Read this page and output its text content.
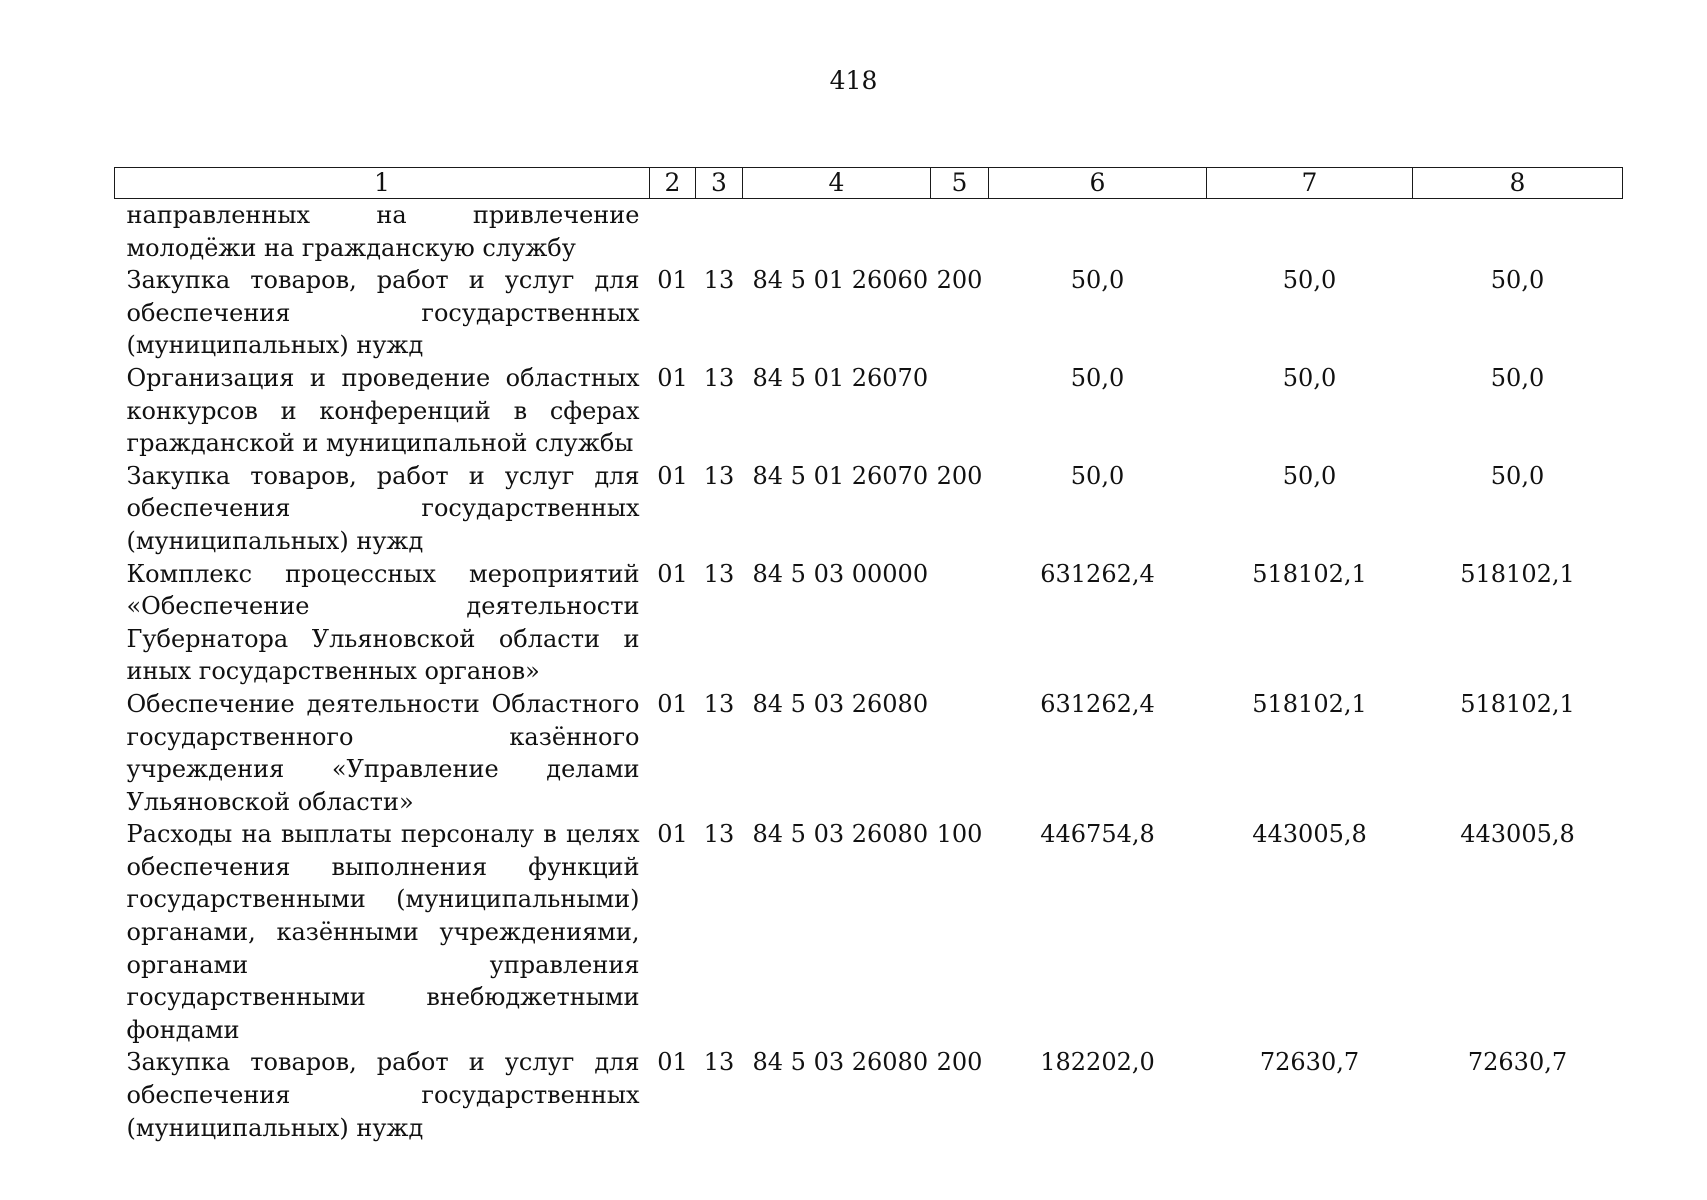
418
1	2	3	4	5	6	7	8
направленных на привлечение молодёжи на гражданскую службу							
Закупка товаров, работ и услуг для обеспечения государственных (муниципальных) нужд	01	13	84 5 01 26060	200	50,0	50,0	50,0
Организация и проведение областных конкурсов и конференций в сферах гражданской и муниципальной службы	01	13	84 5 01 26070		50,0	50,0	50,0
Закупка товаров, работ и услуг для обеспечения государственных (муниципальных) нужд	01	13	84 5 01 26070	200	50,0	50,0	50,0
Комплекс процессных мероприятий «Обеспечение деятельности Губернатора Ульяновской области и иных государственных органов»	01	13	84 5 03 00000		631262,4	518102,1	518102,1
Обеспечение деятельности Областного государственного казённого учреждения «Управление делами Ульяновской области»	01	13	84 5 03 26080		631262,4	518102,1	518102,1
Расходы на выплаты персоналу в целях обеспечения выполнения функций государственными (муниципальными) органами, казёнными учреждениями, органами управления государственными внебюджетными фондами	01	13	84 5 03 26080	100	446754,8	443005,8	443005,8
Закупка товаров, работ и услуг для обеспечения государственных (муниципальных) нужд	01	13	84 5 03 26080	200	182202,0	72630,7	72630,7
